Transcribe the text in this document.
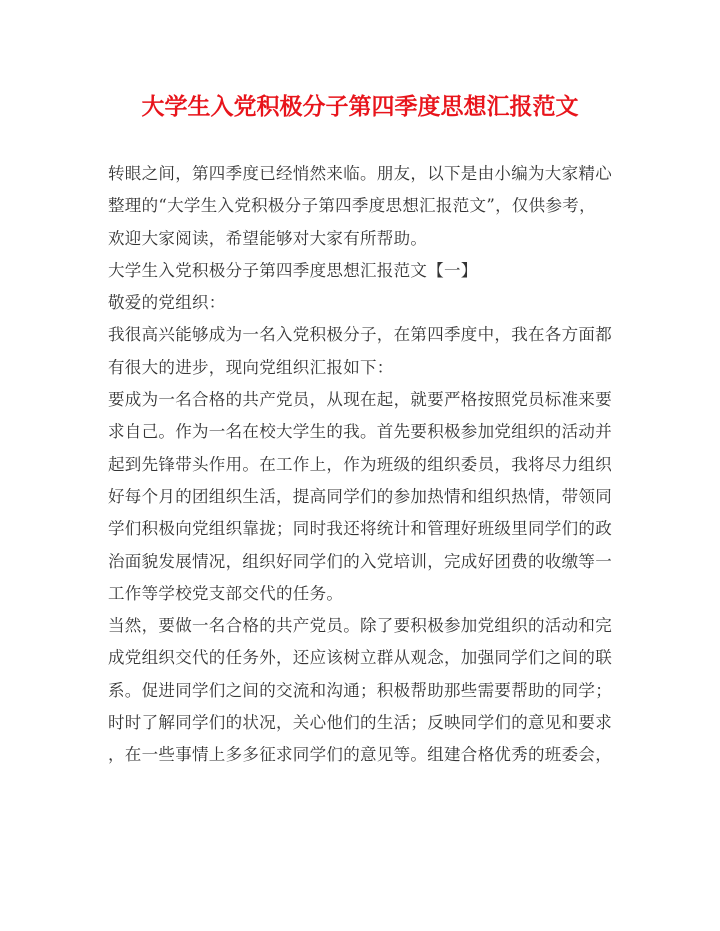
大学生入党积极分子第四季度思想汇报范文
转眼之间，第四季度已经悄然来临。朋友，以下是由小编为大家精心
整理的“大学生入党积极分子第四季度思想汇报范文”，仅供参考，
欢迎大家阅读，希望能够对大家有所帮助。
大学生入党积极分子第四季度思想汇报范文【一】
敬爱的党组织：
我很高兴能够成为一名入党积极分子，在第四季度中，我在各方面都
有很大的进步，现向党组织汇报如下：
要成为一名合格的共产党员，从现在起，就要严格按照党员标准来要
求自己。作为一名在校大学生的我。首先要积极参加党组织的活动并
起到先锋带头作用。在工作上，作为班级的组织委员，我将尽力组织
好每个月的团组织生活，提高同学们的参加热情和组织热情，带领同
学们积极向党组织靠拢；同时我还将统计和管理好班级里同学们的政
治面貌发展情况，组织好同学们的入党培训，完成好团费的收缴等一
工作等学校党支部交代的任务。
当然，要做一名合格的共产党员。除了要积极参加党组织的活动和完
成党组织交代的任务外，还应该树立群从观念，加强同学们之间的联
系。促进同学们之间的交流和沟通；积极帮助那些需要帮助的同学；
时时了解同学们的状况，关心他们的生活；反映同学们的意见和要求
，在一些事情上多多征求同学们的意见等。组建合格优秀的班委会，
